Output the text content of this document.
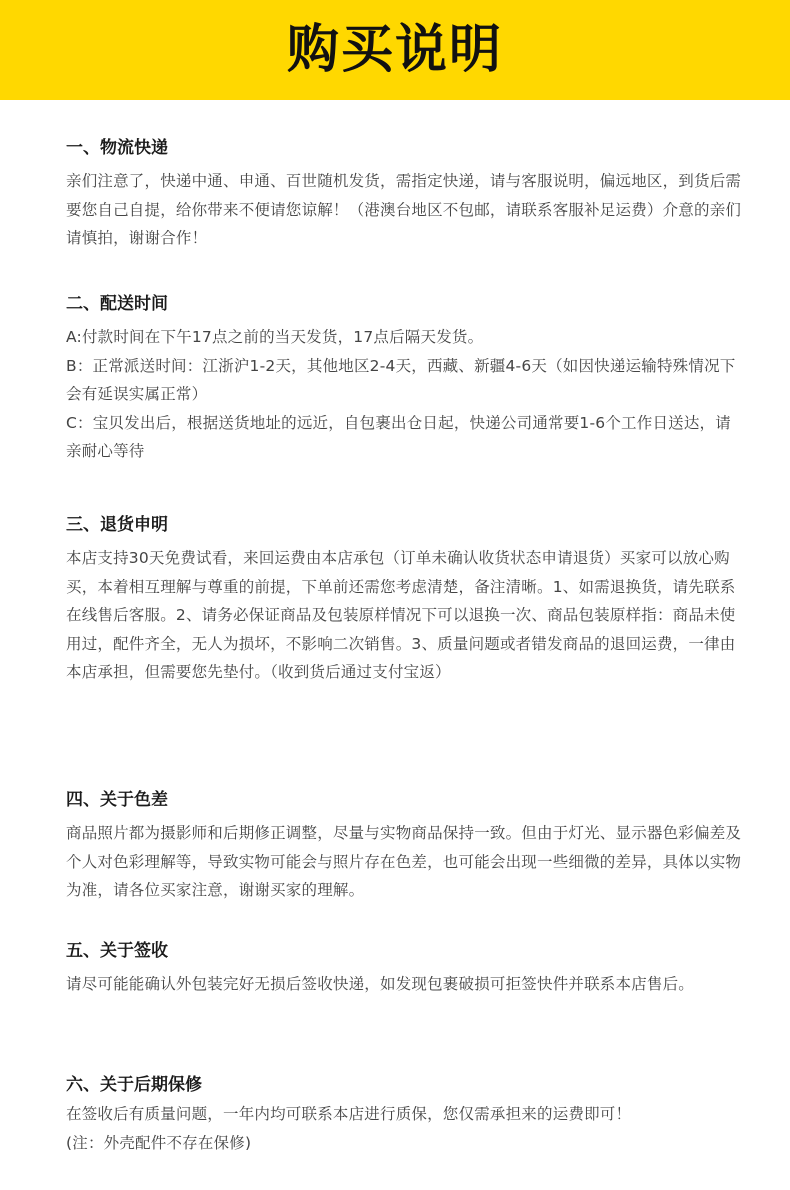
购买说明
一、物流快递

亲们注意了，快递中通、申通、百世随机发货，需指定快递，请与客服说明，偏远地区，到货后需要您自己自提，给你带来不便请您谅解！（港澳台地区不包邮，请联系客服补足运费）介意的亲们请慎拍，谢谢合作！

二、配送时间

A:付款时间在下午17点之前的当天发货，17点后隔天发货。

B：正常派送时间：江浙沪1-2天，其他地区2-4天，西藏、新疆4-6天（如因快递运输特殊情况下会有延误实属正常）

C：宝贝发出后，根据送货地址的远近，自包裹出仓日起，快递公司通常要1-6个工作日送达，请亲耐心等待

三、退货申明

本店支持30天免费试看，来回运费由本店承包（订单未确认收货状态申请退货）买家可以放心购买，本着相互理解与尊重的前提，下单前还需您考虑清楚，备注清晰。1、如需退换货，请先联系在线售后客服。2、请务必保证商品及包装原样情况下可以退换一次、商品包装原样指：商品未使用过，配件齐全，无人为损坏，不影响二次销售。3、质量问题或者错发商品的退回运费，一律由本店承担，但需要您先垫付。（收到货后通过支付宝返）

四、关于色差

商品照片都为摄影师和后期修正调整，尽量与实物商品保持一致。但由于灯光、显示器色彩偏差及个人对色彩理解等，导致实物可能会与照片存在色差，也可能会出现一些细微的差异，具体以实物为准，请各位买家注意，谢谢买家的理解。

五、关于签收

请尽可能能确认外包装完好无损后签收快递，如发现包裹破损可拒签快件并联系本店售后。

六、关于后期保修

在签收后有质量问题，一年内均可联系本店进行质保，您仅需承担来的运费即可！

(注：外壳配件不存在保修)
